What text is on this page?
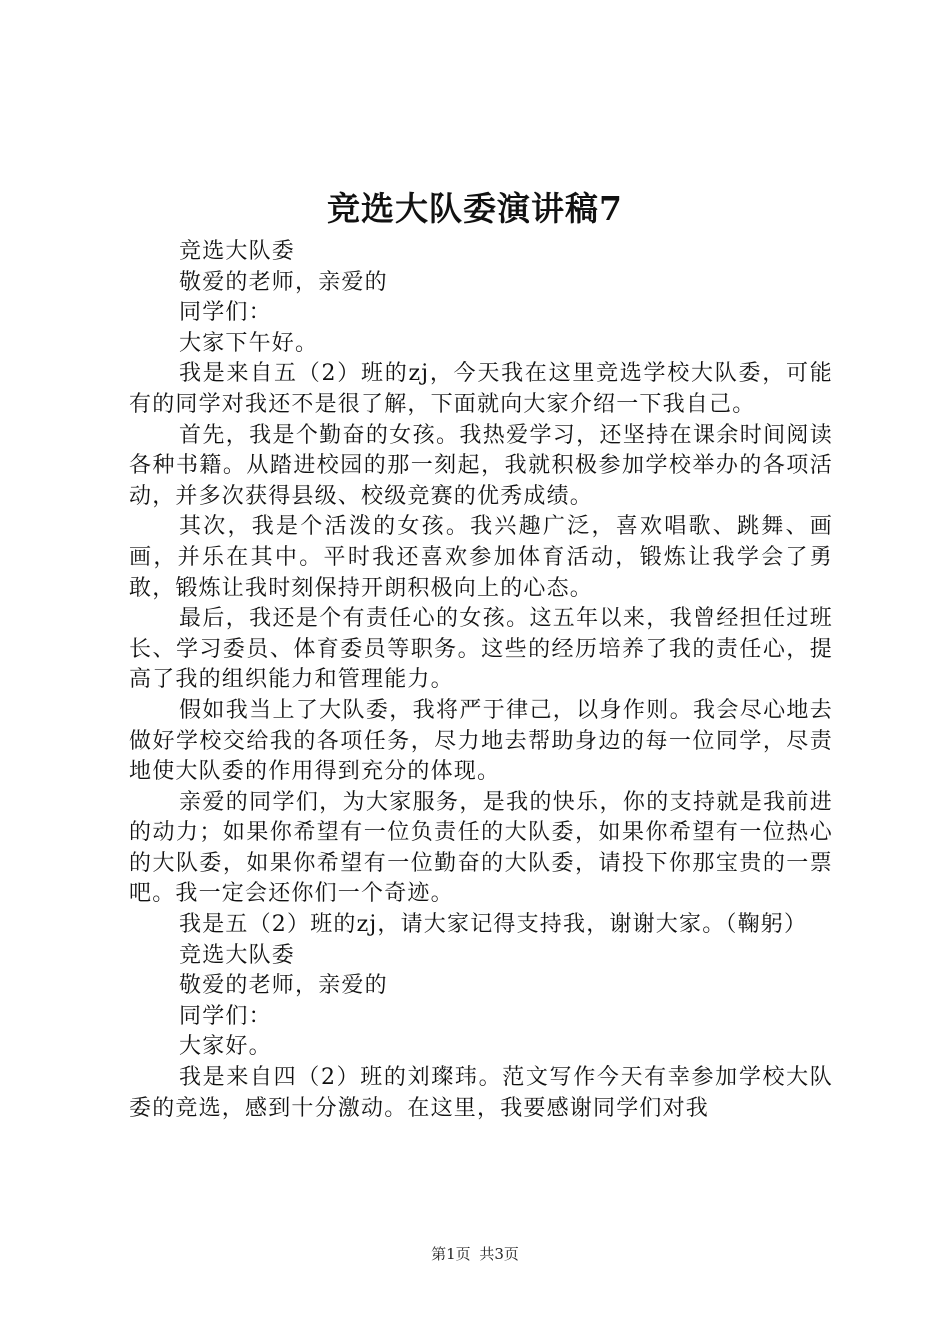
竞选大队委演讲稿7

竞选大队委

敬爱的老师，亲爱的

同学们：

大家下午好。

我是来自五（2）班的zj，今天我在这里竞选学校大队委，可能有的同学对我还不是很了解，下面就向大家介绍一下我自己。

首先，我是个勤奋的女孩。我热爱学习，还坚持在课余时间阅读各种书籍。从踏进校园的那一刻起，我就积极参加学校举办的各项活动，并多次获得县级、校级竞赛的优秀成绩。

其次，我是个活泼的女孩。我兴趣广泛，喜欢唱歌、跳舞、画画，并乐在其中。平时我还喜欢参加体育活动，锻炼让我学会了勇敢，锻炼让我时刻保持开朗积极向上的心态。

最后，我还是个有责任心的女孩。这五年以来，我曾经担任过班长、学习委员、体育委员等职务。这些的经历培养了我的责任心，提高了我的组织能力和管理能力。

假如我当上了大队委，我将严于律己，以身作则。我会尽心地去做好学校交给我的各项任务，尽力地去帮助身边的每一位同学，尽责地使大队委的作用得到充分的体现。

亲爱的同学们，为大家服务，是我的快乐，你的支持就是我前进的动力；如果你希望有一位负责任的大队委，如果你希望有一位热心的大队委，如果你希望有一位勤奋的大队委，请投下你那宝贵的一票吧。我一定会还你们一个奇迹。

我是五（2）班的zj，请大家记得支持我，谢谢大家。（鞠躬）

竞选大队委

敬爱的老师，亲爱的

同学们：

大家好。

我是来自四（2）班的刘璨玮。范文写作今天有幸参加学校大队委的竞选，感到十分激动。在这里，我要感谢同学们对我

第1页 共3页
